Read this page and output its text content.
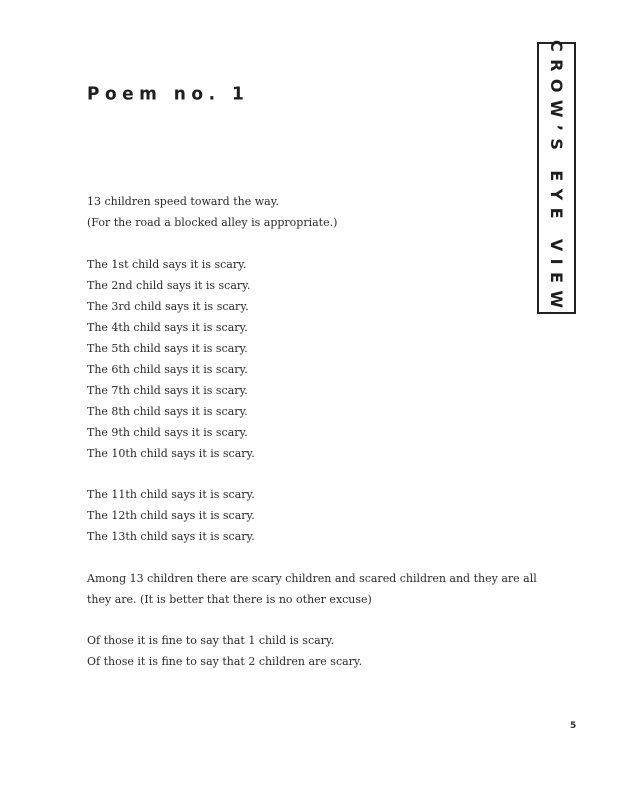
Poem no. 1	CROW’S EYE VIEW
13 children speed toward the way.
(For the road a blocked alley is appropriate.)
The 1st child says it is scary.
The 2nd child says it is scary.
The 3rd child says it is scary.
The 4th child says it is scary.
The 5th child says it is scary.
The 6th child says it is scary.
The 7th child says it is scary.
The 8th child says it is scary.
The 9th child says it is scary.
The 10th child says it is scary.
The 11th child says it is scary.
The 12th child says it is scary.
The 13th child says it is scary.
Among 13 children there are scary children and scared children and they are all
they are. (It is better that there is no other excuse)
Of those it is fine to say that 1 child is scary.
Of those it is fine to say that 2 children are scary.
5
